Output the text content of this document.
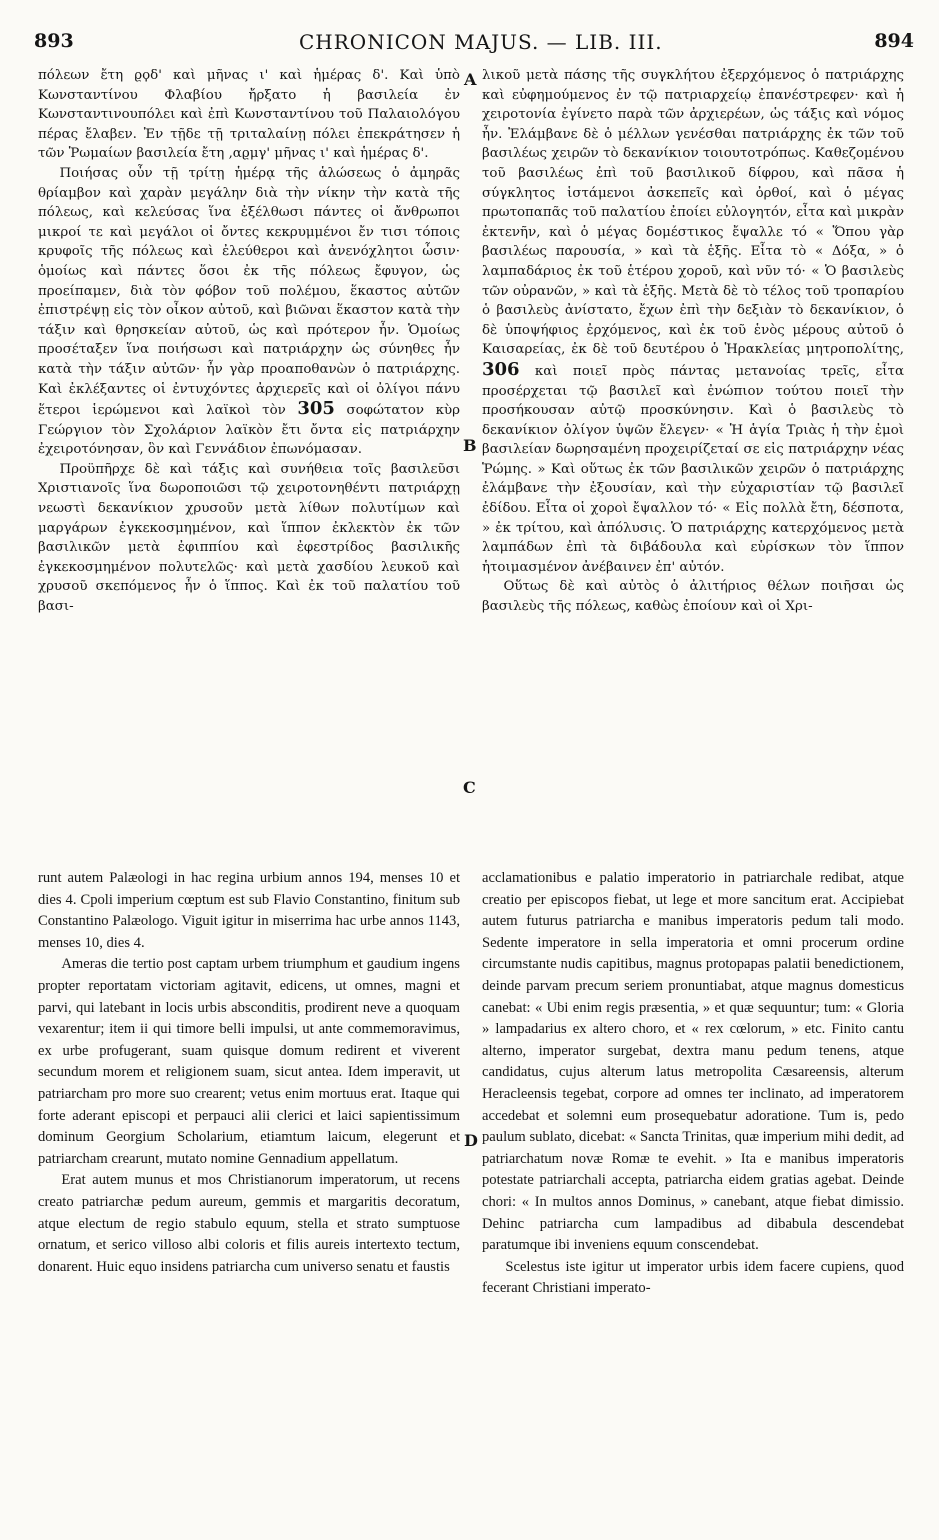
893	CHRONICON MAJUS. — LIB. III.	894

πόλεων ἔτη ϱϙδ' καὶ μῆνας ι' καὶ ἡμέρας δ'. Καὶ ὑπὸ Κωνσταντίνου Φλαβίου ἤρξατο ἡ βασιλεία ἐν Κωνσταντινουπόλει καὶ ἐπὶ Κωνσταντίνου τοῦ Παλαιολόγου πέρας ἔλαβεν. Ἐν τῇδε τῇ τριταλαίνῃ πόλει ἐπεκράτησεν ἡ τῶν Ῥωμαίων βασιλεία ἔτη ‚αϱμγ' μῆνας ι' καὶ ἡμέρας δ'.

Ποιήσας οὖν τῇ τρίτῃ ἡμέρᾳ τῆς ἁλώσεως ὁ ἀμηρᾶς θρίαμβον καὶ χαρὰν μεγάλην διὰ τὴν νίκην τὴν κατὰ τῆς πόλεως, καὶ κελεύσας ἵνα ἐξέλθωσι πάντες οἱ ἄνθρωποι μικροί τε καὶ μεγάλοι οἱ ὄντες κεκρυμμένοι ἔν τισι τόποις κρυφοῖς τῆς πόλεως καὶ ἐλεύθεροι καὶ ἀνενόχλητοι ὦσιν· ὁμοίως καὶ πάντες ὅσοι ἐκ τῆς πόλεως ἔφυγον, ὡς προείπαμεν, διὰ τὸν φόβον τοῦ πολέμου, ἕκαστος αὐτῶν ἐπιστρέψῃ εἰς τὸν οἶκον αὐτοῦ, καὶ βιῶναι ἕκαστον κατὰ τὴν τάξιν καὶ θρησκείαν αὐτοῦ, ὡς καὶ πρότερον ἦν. Ὁμοίως προσέταξεν ἵνα ποιήσωσι καὶ πατριάρχην ὡς σύνηθες ἦν κατὰ τὴν τάξιν αὐτῶν· ἦν γὰρ προαποθανὼν ὁ πατριάρχης. Καὶ ἐκλέξαντες οἱ ἐντυχόντες ἀρχιερεῖς καὶ οἱ ὀλίγοι πάνυ ἕτεροι ἱερώμενοι καὶ λαϊκοὶ τὸν 305 σοφώτατον κὺρ Γεώργιον τὸν Σχολάριον λαϊκὸν ἔτι ὄντα εἰς πατριάρχην ἐχειροτόνησαν, ὃν καὶ Γεννάδιον ἐπωνόμασαν.

Προϋπῆρχε δὲ καὶ τάξις καὶ συνήθεια τοῖς βασιλεῦσι Χριστιανοῖς ἵνα δωροποιῶσι τῷ χειροτονηθέντι πατριάρχῃ νεωστὶ δεκανίκιον χρυσοῦν μετὰ λίθων πολυτίμων καὶ μαργάρων ἐγκεκοσμημένον, καὶ ἵππον ἐκλεκτὸν ἐκ τῶν βασιλικῶν μετὰ ἐφιππίου καὶ ἐφεστρίδος βασιλικῆς ἐγκεκοσμημένον πολυτελῶς· καὶ μετὰ χασδίου λευκοῦ καὶ χρυσοῦ σκεπόμενος ἦν ὁ ἵππος. Καὶ ἐκ τοῦ παλατίου τοῦ βασι-

A
B
C
D

λικοῦ μετὰ πάσης τῆς συγκλήτου ἐξερχόμενος ὁ πατριάρχης καὶ εὐφημούμενος ἐν τῷ πατριαρχείῳ ἐπανέστρεφεν· καὶ ἡ χειροτονία ἐγίνετο παρὰ τῶν ἀρχιερέων, ὡς τάξις καὶ νόμος ἦν. Ἐλάμβανε δὲ ὁ μέλλων γενέσθαι πατριάρχης ἐκ τῶν τοῦ βασιλέως χειρῶν τὸ δεκανίκιον τοιουτοτρόπως. Καθεζομένου τοῦ βασιλέως ἐπὶ τοῦ βασιλικοῦ δίφρου, καὶ πᾶσα ἡ σύγκλητος ἱστάμενοι ἀσκεπεῖς καὶ ὀρθοί, καὶ ὁ μέγας πρωτοπαπᾶς τοῦ παλατίου ἐποίει εὐλογητόν, εἶτα καὶ μικρὰν ἐκτενῆν, καὶ ὁ μέγας δομέστικος ἔψαλλε τό « Ὅπου γὰρ βασιλέως παρουσία, » καὶ τὰ ἑξῆς. Εἶτα τὸ « Δόξα, » ὁ λαμπαδάριος ἐκ τοῦ ἑτέρου χοροῦ, καὶ νῦν τό· « Ὁ βασιλεὺς τῶν οὐρανῶν, » καὶ τὰ ἑξῆς. Μετὰ δὲ τὸ τέλος τοῦ τροπαρίου ὁ βασιλεὺς ἀνίστατο, ἔχων ἐπὶ τὴν δεξιὰν τὸ δεκανίκιον, ὁ δὲ ὑποψήφιος ἐρχόμενος, καὶ ἐκ τοῦ ἑνὸς μέρους αὐτοῦ ὁ Καισαρείας, ἐκ δὲ τοῦ δευτέρου ὁ Ἡρακλείας μητροπολίτης, 306 καὶ ποιεῖ πρὸς πάντας μετανοίας τρεῖς, εἶτα προσέρχεται τῷ βασιλεῖ καὶ ἐνώπιον τούτου ποιεῖ τὴν προσήκουσαν αὐτῷ προσκύνησιν. Καὶ ὁ βασιλεὺς τὸ δεκανίκιον ὀλίγον ὑψῶν ἔλεγεν· « Ἡ ἁγία Τριὰς ἡ τὴν ἐμοὶ βασιλείαν δωρησαμένη προχειρίζεταί σε εἰς πατριάρχην νέας Ῥώμης. » Καὶ οὕτως ἐκ τῶν βασιλικῶν χειρῶν ὁ πατριάρχης ἐλάμβανε τὴν ἐξουσίαν, καὶ τὴν εὐχαριστίαν τῷ βασιλεῖ ἐδίδου. Εἶτα οἱ χοροὶ ἔψαλλον τό· « Εἰς πολλὰ ἔτη, δέσποτα, » ἐκ τρίτου, καὶ ἀπόλυσις. Ὁ πατριάρχης κατερχόμενος μετὰ λαμπάδων ἐπὶ τὰ διβάδουλα καὶ εὑρίσκων τὸν ἵππον ἡτοιμασμένον ἀνέβαινεν ἐπ' αὐτόν.

Οὕτως δὲ καὶ αὐτὸς ὁ ἀλιτήριος θέλων ποιῆσαι ὡς βασιλεὺς τῆς πόλεως, καθὼς ἐποίουν καὶ οἱ Χρι-

runt autem Palæologi in hac regina urbium annos 194, menses 10 et dies 4. Cpoli imperium cœptum est sub Flavio Constantino, finitum sub Constantino Palæologo. Viguit igitur in miserrima hac urbe annos 1143, menses 10, dies 4.

Ameras die tertio post captam urbem triumphum et gaudium ingens propter reportatam victoriam agitavit, edicens, ut omnes, magni et parvi, qui latebant in locis urbis absconditis, prodirent neve a quoquam vexarentur; item ii qui timore belli impulsi, ut ante commemoravimus, ex urbe profugerant, suam quisque domum redirent et viverent secundum morem et religionem suam, sicut antea. Idem imperavit, ut patriarcham pro more suo crearent; vetus enim mortuus erat. Itaque qui forte aderant episcopi et perpauci alii clerici et laici sapientissimum dominum Georgium Scholarium, etiamtum laicum, elegerunt et patriarcham crearunt, mutato nomine Gennadium appellatum.

Erat autem munus et mos Christianorum imperatorum, ut recens creato patriarchæ pedum aureum, gemmis et margaritis decoratum, atque electum de regio stabulo equum, stella et strato sumptuose ornatum, et serico villoso albi coloris et filis aureis intertexto tectum, donarent. Huic equo insidens patriarcha cum universo senatu et faustis

acclamationibus e palatio imperatorio in patriarchale redibat, atque creatio per episcopos fiebat, ut lege et more sancitum erat. Accipiebat autem futurus patriarcha e manibus imperatoris pedum tali modo. Sedente imperatore in sella imperatoria et omni procerum ordine circumstante nudis capitibus, magnus protopapas palatii benedictionem, deinde parvam precum seriem pronuntiabat, atque magnus domesticus canebat: « Ubi enim regis præsentia, » et quæ sequuntur; tum: « Gloria » lampadarius ex altero choro, et « rex cœlorum, » etc. Finito cantu alterno, imperator surgebat, dextra manu pedum tenens, atque candidatus, cujus alterum latus metropolita Cæsareensis, alterum Heracleensis tegebat, corpore ad omnes ter inclinato, ad imperatorem accedebat et solemni eum prosequebatur adoratione. Tum is, pedo paulum sublato, dicebat: « Sancta Trinitas, quæ imperium mihi dedit, ad patriarchatum novæ Romæ te evehit. » Ita e manibus imperatoris potestate patriarchali accepta, patriarcha eidem gratias agebat. Deinde chori: « In multos annos Dominus, » canebant, atque fiebat dimissio. Dehinc patriarcha cum lampadibus ad dibabula descendebat paratumque ibi inveniens equum conscendebat.

Scelestus iste igitur ut imperator urbis idem facere cupiens, quod fecerant Christiani imperato-
